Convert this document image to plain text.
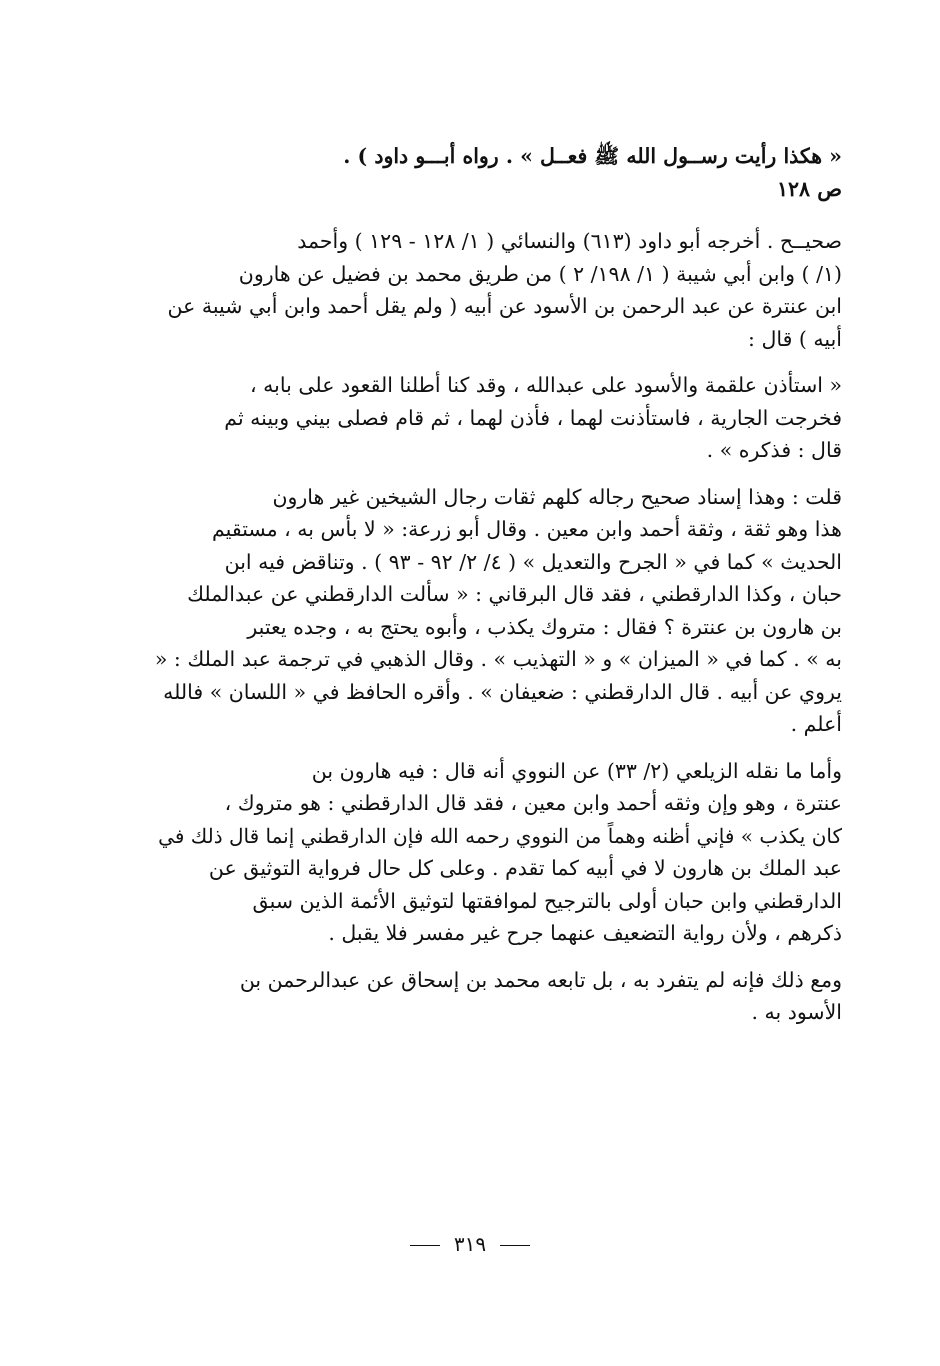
« هكذا رأيت رســول الله ﷺ فعــل » . رواه أبـــو داود ) .
ص ١٢٨
صحيــح . أخرجه أبو داود (٦١٣) والنسائي ( ١/ ١٢٨ - ١٢٩ ) وأحمد
(١/ ) وابن أبي شيبة ( ١/ ١٩٨/ ٢ ) من طريق محمد بن فضيل عن هارون
ابن عنترة عن عبد الرحمن بن الأسود عن أبيه ( ولم يقل أحمد وابن أبي شيبة عن
أبيه ) قال :
« استأذن علقمة والأسود على عبدالله ، وقد كنا أطلنا القعود على بابه ،
فخرجت الجارية ، فاستأذنت لهما ، فأذن لهما ، ثم قام فصلى بيني وبينه ثم
قال : فذكره » .
قلت : وهذا إسناد صحيح رجاله كلهم ثقات رجال الشيخين غير هارون
هذا وهو ثقة ، وثقة أحمد وابن معين . وقال أبو زرعة: « لا بأس به ، مستقيم
الحديث » كما في « الجرح والتعديل » ( ٤/ ٢/ ٩٢ - ٩٣ ) . وتناقض فيه ابن
حبان ، وكذا الدارقطني ، فقد قال البرقاني : « سألت الدارقطني عن عبدالملك
بن هارون بن عنترة ؟ فقال : متروك يكذب ، وأبوه يحتج به ، وجده يعتبر
به » . كما في « الميزان » و « التهذيب » . وقال الذهبي في ترجمة عبد الملك : «
يروي عن أبيه . قال الدارقطني : ضعيفان » . وأقره الحافظ في « اللسان » فالله
أعلم .
وأما ما نقله الزيلعي (٢/ ٣٣) عن النووي أنه قال : فيه هارون بن
عنترة ، وهو وإن وثقه أحمد وابن معين ، فقد قال الدارقطني : هو متروك ،
كان يكذب » فإني أظنه وهماً من النووي رحمه الله فإن الدارقطني إنما قال ذلك في
عبد الملك بن هارون لا في أبيه كما تقدم . وعلى كل حال فرواية التوثيق عن
الدارقطني وابن حبان أولى بالترجيح لموافقتها لتوثيق الأئمة الذين سبق
ذكرهم ، ولأن رواية التضعيف عنهما جرح غير مفسر فلا يقبل .
ومع ذلك فإنه لم يتفرد به ، بل تابعه محمد بن إسحاق عن عبدالرحمن بن
الأسود به .
٣١٩
